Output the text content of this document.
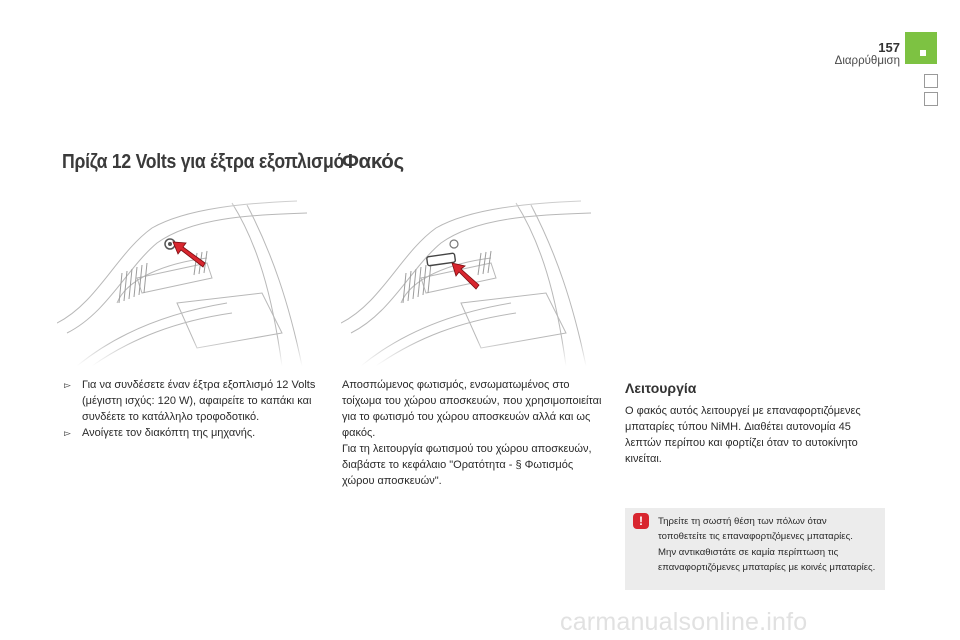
157
Διαρρύθμιση
Πρίζα 12 Volts για έξτρα εξοπλισμό
Φακός
▻ Για να συνδέσετε έναν έξτρα εξοπλισμό 12 Volts (μέγιστη ισχύς: 120 W), αφαιρείτε το καπάκι και συνδέετε το κατάλληλο τροφοδοτικό.
▻ Ανοίγετε τον διακόπτη της μηχανής.

Αποσπώμενος φωτισμός, ενσωματωμένος στο τοίχωμα του χώρου αποσκευών, που χρησιμοποιείται για το φωτισμό του χώρου αποσκευών αλλά και ως φακός.

Για τη λειτουργία φωτισμού του χώρου αποσκευών, διαβάστε το κεφάλαιο "Ορατότητα - § Φωτισμός χώρου αποσκευών".

Λειτουργία
Ο φακός αυτός λειτουργεί με επαναφορτιζόμενες μπαταρίες τύπου NiMH. Διαθέτει αυτονομία 45 λεπτών περίπου και φορτίζει όταν το αυτοκίνητο κινείται.
!	Τηρείτε τη σωστή θέση των πόλων όταν
τοποθετείτε τις επαναφορτιζόμενες μπαταρίες.
Μην αντικαθιστάτε σε καμία περίπτωση τις
επαναφορτιζόμενες μπαταρίες με κοινές μπαταρίες.
carmanualsonline.info
